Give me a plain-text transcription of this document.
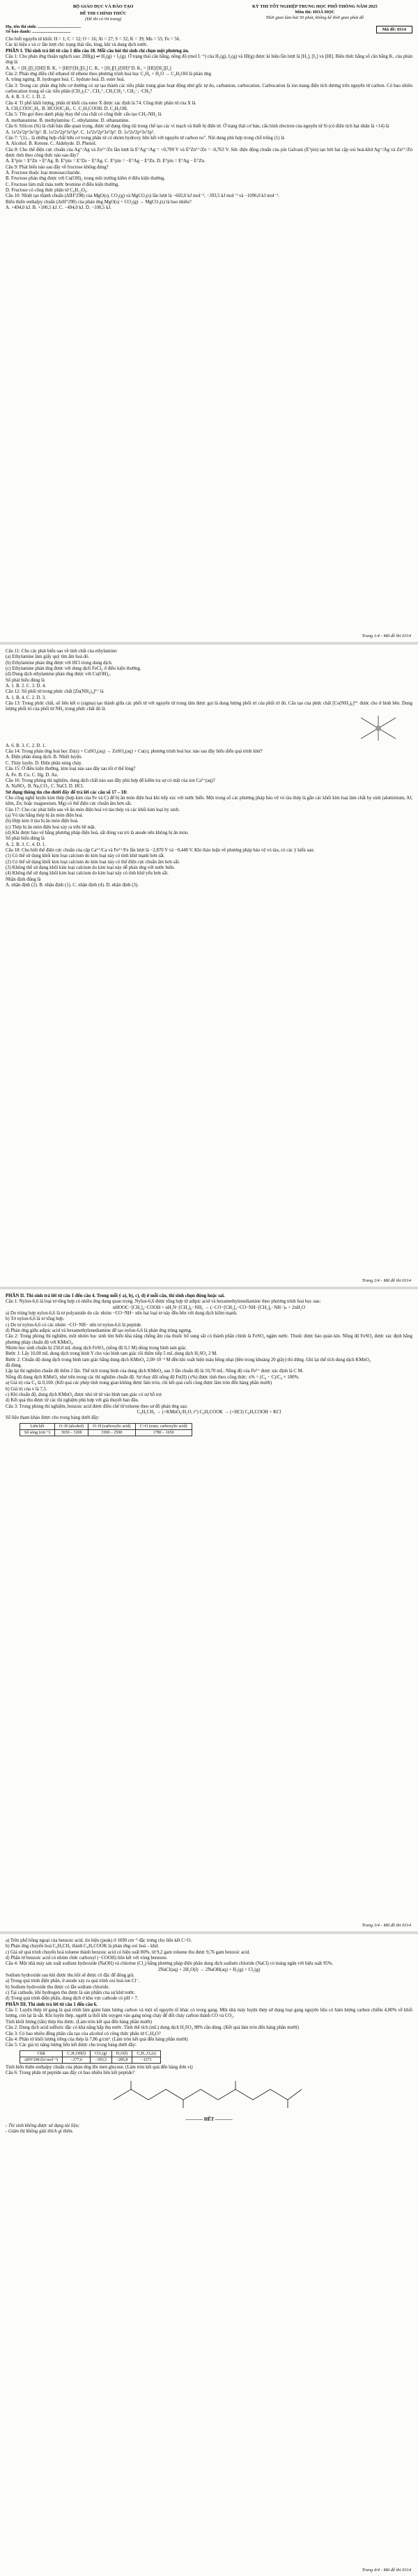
BỘ GIÁO DỤC VÀ ĐÀO TẠO
ĐỀ THI CHÍNH THỨC
(Đề thi có 04 trang)
KỲ THI TỐT NGHIỆP TRUNG HỌC PHỔ THÔNG NĂM 2025
Môn thi: HOÁ HỌC
Thời gian làm bài 50 phút, không kể thời gian phát đề
Họ, tên thí sinh: ......................................
Số báo danh: ..................................	Mã đề: 0314

Cho biết nguyên tử khối: H = 1; C = 12; O = 16; Al = 27; S = 32; K = 39; Mn = 55; Fe = 56.

Các kí hiệu s và cr lần lượt chỉ: trạng thái rắn, lỏng, khí và dung dịch nước.

PHẦN I. Thí sinh trả lời từ câu 1 đến câu 18. Mỗi câu hỏi thí sinh chỉ chọn một phương án.

Câu 1: Cho phản ứng thuận nghịch sau: 2HI(g) ⇌ H₂(g) + I₂(g). Ở trạng thái cân bằng, nồng độ (mol L⁻¹) của H₂(g), I₂(g) và HI(g) được kí hiệu lần lượt là [H₂], [I₂] và [HI]. Biểu thức hằng số cân bằng K꜀ của phản ứng là

A. K꜀ = [H₂][I₂]/[HI] B. K꜀ = [HI]²/[H₂][I₂] C. K꜀ = [H₂][I₂]/[HI]² D. K꜀ = [HI]/[H₂][I₂]

Câu 2: Phản ứng điều chế ethanol từ ethene theo phương trình hoá học C₂H₄ + H₂O → C₂H₅OH là phản ứng

A. trùng ngưng. B. hydrogen hoá. C. hydrate hoá. D. ester hoá.

Câu 3: Trong các phản ứng hữu cơ thường có sự tạo thành các tiểu phân trung gian hoạt động như gốc tự do, carbanion, carbocation. Carbocation là ion mang điện tích dương trên nguyên tử carbon. Có bao nhiêu carbocation trong số các tiểu phân (CH₃)₃C⁺, CH₃⁺, CH₃CH₂⁺, CH₃⁻, ·CH₃?

A. 4. B. 3. C. 1. D. 2.

Câu 4: Tỉ phổ khối lượng, phân tử khối của ester X được xác định là 74. Công thức phân tử của X là

A. CH₃COOC₂H₅. B. HCOOC₂H₅. C. C₂H₅COOH. D. C₂H₅OH.

Câu 5: Tên gọi theo danh pháp thay thế của chất có công thức cấu tạo CH₃-NH₂ là

A. methanamine. B. methylamine. C. ethylamine. D. ethanamine.

Câu 6: Silicon (Si) là chất bán dẫn quan trọng, được sử dụng rộng rãi trong chế tạo các vi mạch và thiết bị điện tử. Ở trạng thái cơ bản, cấu hình electron của nguyên tử Si (có điện tích hạt nhân là +14) là

A. 1s²2s²2p⁶3s²3p². B. 1s²2s²2p⁶3s²3p⁴. C. 1s²2s²2p⁶3s²3p³. D. 1s²2s²2p⁶3s¹3p³.

Câu 7: "(1)... là những hợp chất hữu cơ trong phân tử có nhóm hydroxy liên kết với nguyên tử carbon no". Nội dung phù hợp trong chỗ trống (1) là

A. Alcohol. B. Ketone. C. Aldehyde. D. Phenol.

Câu 8: Cho thế điện cực chuẩn của Ag⁺/Ag và Zn²⁺/Zn lần lượt là E°Ag⁺/Ag = +0,799 V và E°Zn²⁺/Zn = -0,763 V. Sức điện động chuẩn của pin Galvani (E°pin) tạo bởi hai cặp oxi hoá-khử Ag⁺/Ag và Zn²⁺/Zn được tính theo công thức nào sau đây?

A. E°pin = E°Zn + E°Ag. B. E°pin = E°Zn − E°Ag. C. E°pin = −E°Ag − E°Zn. D. E°pin = E°Ag − E°Zn.

Câu 9: Phát biểu nào sau đây về fructose không đúng?

A. Fructose thuộc loại monosaccharide.

B. Fructose phản ứng được với Cu(OH)₂ trong môi trường kiềm ở điều kiện thường.

C. Fructose làm mất màu nước bromine ở điều kiện thường.

D. Fructose có công thức phân tử C₆H₁₂O₆.

Câu 10: Nhiệt tạo thành chuẩn (ΔfH°298) của MgO(s), CO₂(g) và MgCO₃(s) lần lượt là −602,0 kJ mol⁻¹, −393,5 kJ mol⁻¹ và −1096,0 kJ mol⁻¹.

Biến thiên enthalpy chuẩn (ΔrH°298) của phản ứng MgO(s) + CO₂(g) → MgCO₃(s) là bao nhiêu?

A. +494,0 kJ. B. +100,5 kJ. C. −494,0 kJ. D. −100,5 kJ.

Trang 1/4 - Mã đề thi 0314

Câu 11: Cho các phát biểu sau về tính chất của ethylamine:

(a) Ethylamine làm giấy quỳ tím ẩm hoá đỏ.

(b) Ethylamine phản ứng được với HCl trong dung dịch.

(c) Ethylamine phản ứng được với dung dịch FeCl₃ ở điều kiện thường.

(d) Dung dịch ethylamine phản ứng được với Cu(OH)₂.

Số phát biểu đúng là

A. 1. B. 2. C. 3. D. 4.

Câu 12: Số phối tử trong phức chất [Zn(NH₃)₄]²⁺ là

A. 1. B. 4. C. 2. D. 3.

Câu 13: Trong phức chất, số liên kết σ (sigma) tạo thành giữa các phối tử với nguyên tử trung tâm được gọi là dung lượng phối trí của phối tử đó. Cấu tạo của phức chất [Co(NH₃)₆]³⁺ được cho ở hình bên. Dung lượng phối trí của phối tử NH₃ trong phức chất đó là

A. 6. B. 3. C. 2. D. 1.

Câu 14: Trong phản ứng hoá học Zn(s) + CuSO₄(aq) → ZnSO₄(aq) + Cu(s), phương trình hoá học nào sau đây biểu diễn quá trình khử?

A. Điện phân dung dịch. B. Nhiệt luyện.

C. Thủy luyện. D. Điện phân nóng chảy.

Câu 15: Ở điều kiện thường, kim loại nào sau đây tan tốt ở thể lỏng?

A. Fe. B. Cu. C. Hg. D. Au.

Câu 16: Trong phòng thí nghiệm, dung dịch chất nào sau đây phù hợp để kiểm tra sự có mặt của ion Ca²⁺(aq)?

A. NaNO₃. B. Na₂CO₃. C. NaCl. D. HCl.

Sử dụng thông tin cho dưới đây để trả lời các câu số 17 – 18:

Cho công nghệ luyện kim thép (hợp kim của Fe và C) để bị ăn mòn điện hoá khi tiếp xúc với nước biển. Một trong số các phương pháp bảo vệ vỏ tàu thép là gắn các khối kim loại làm chất hy sinh (aluminium, Al; kẽm, Zn; hoặc magnesium, Mg) có thế điện cực chuẩn âm hơn sắt.

Câu 17: Cho các phát biểu sau về ăn mòn điện hoá vỏ tàu thép và các khối kim loại hy sinh:

(a) Vỏ tàu bằng thép bị ăn mòn điện hoá.

(b) Hợp kim ở tàu bị ăn mòn điện hoá.

(c) Thép bị ăn mòn điện hoá xảy ra trên bề mặt.

(d) Khi được bảo vệ bằng phương pháp điện hoá, sắt đóng vai trò là anode nên không bị ăn mòn.

Số phát biểu đúng là

A. 2. B. 3. C. 4. D. 1.

Câu 18: Cho biết thế điện cực chuẩn của cặp Ca²⁺/Ca và Fe²⁺/Fe lần lượt là −2,870 V và −0,440 V. Khi thảo luận về phương pháp bảo vệ vỏ tàu, có các ý kiến sau:

(1) Có thể sử dụng khối kim loại calcium do kim loại này có tính khử mạnh hơn sắt.

(2) Có thể sử dụng khối kim loại calcium do kim loại này có thế điện cực chuẩn âm hơn sắt.

(3) Không thể sử dụng khối kim loại calcium do kim loại này dễ phản ứng với nước biển.

(4) Không thể sử dụng khối kim loại calcium do kim loại này có tính khử yếu hơn sắt.

Nhận định đúng là

A. nhận định (2). B. nhận định (1). C. nhận định (4). D. nhận định (3).

Trang 2/4 - Mã đề thi 0314

PHẦN II. Thí sinh trả lời từ câu 1 đến câu 4. Trong mỗi ý a), b), c), d) ở mỗi câu, thí sinh chọn đúng hoặc sai.

Câu 1: Nylon-6,6 là loại tơ tổng hợp có nhiều ứng dụng quan trọng. Nylon-6,6 được tổng hợp từ adipic acid và hexamethylenediamine theo phương trình hoá học sau:

nHOOC−[CH₂]₄−COOH + nH₂N−[CH₂]₆−NH₂ → (−CO−[CH₂]₄−CO−NH−[CH₂]₆−NH−)ₙ + 2nH₂O

a) Do trùng hợp nylon-6,6 là tơ polyamide do các nhóm −CO−NH− nên hai loại tơ này đều bền với dung dịch kiềm mạnh.

b) Tơ nylon-6,6 là tơ tổng hợp.

c) Do tơ nylon-6,6 có các nhóm −CO−NH− nên tơ nylon-6,6 là peptide.

d) Phản ứng giữa adipic acid và hexamethylenediamine để tạo nylon-6,6 là phản ứng trùng ngưng.

Câu 2: Trong phòng thí nghiệm, một nhóm học sinh tìm hiểu khả năng chống ẩm của thuốc bổ sung sắt có thành phần chính là FeSO₄ ngậm nước. Thuốc được bảo quản kín. Nồng độ FeSO₄ được xác định bằng phương pháp chuẩn độ với KMnO₄.

Nhóm học sinh chuẩn bị 250,0 mL dung dịch FeSO₄ (nồng độ 0,1 M) dùng trong bình tam giác.

Bước 1: Lấy 10,00 mL dung dịch trong bình Y cho vào bình tam giác rồi thêm tiếp 5 mL dung dịch H₂SO₄ 2 M.

Bước 2: Chuẩn độ dung dịch trong bình tam giác bằng dung dịch KMnO₄ 2,00·10⁻² M đến khi xuất hiện màu hồng nhạt (bền trong khoảng 20 giây) thì dừng. Ghi lại thể tích dung dịch KMnO₄ đã dùng.

Lặp lại thí nghiệm chuẩn độ thêm 2 lần. Thể tích trung bình của dung dịch KMnO₄ sau 3 lần chuẩn độ là 10,70 mL. Nồng độ của Fe²⁺ được xác định là C M.

Nồng độ dung dịch KMnO₄ như trên trong các thí nghiệm chuẩn độ. Sự thay đổi nồng độ Fe(II) (x%) được tính theo công thức: x% = (C₀ − C)/C₀ × 100%.

a) Giá trị của C₀ là 0,100. (Kết quả các phép tính trung gian không được làm tròn, chỉ kết quả cuối cùng được làm tròn đến hàng phần mười)

b) Giá trị của x là 7,5.

c) Khi chuẩn độ, dung dịch KMnO₄ được nhỏ từ từ vào bình tam giác có sự hỗ trợ.

d) Kết quả thu được từ các thí nghiệm phù hợp với giả thuyết ban đầu.

Câu 3: Trong phòng thí nghiệm, benzoic acid được điều chế từ toluene theo sơ đồ phản ứng sau:

C₆H₅CH₃ → (+KMnO₄/H₂O, t°) C₆H₅COOK → (+HCl) C₆H₅COOH + KCl

Số liệu tham khảo được cho trong bảng dưới đây:

Liên kết	O−H (alcohol)	O−H (carboxylic acid)	C=O (ester, carboxylic acid)
Số sóng (cm⁻¹)	3650 – 3200	3300 – 2500	1780 – 1650
Trang 3/4 - Mã đề thi 0314

a) Trên phổ hồng ngoại của benzoic acid, tín hiệu (peak) ở 1690 cm⁻¹ đặc trưng cho liên kết C=O.

b) Phản ứng chuyển hoá C₆H₅CH₃ thành C₆H₅COOK là phản ứng oxi hoá – khử.

c) Giả sử quá trình chuyển hoá toluene thành benzoic acid có hiệu suất 80%, từ 9,2 gam toluene thu được 9,76 gam benzoic acid.

d) Phân tử benzoic acid có nhóm chức carboxyl (−COOH) liên kết với vòng benzene.

Câu 4: Một nhà máy sản xuất sodium hydroxide (NaOH) và chlorine (Cl₂) bằng phương pháp điện phân dung dịch sodium chloride (NaCl) có màng ngăn với hiệu suất 95%.

2NaCl(aq) + 2H₂O(l) → 2NaOH(aq) + H₂(g) + Cl₂(g)

Sodium hydroxide sau khi được thu hồi sẽ được cô đặc để đóng gói.

a) Trong quá trình điện phân, ở anode xảy ra quá trình oxi hoá ion Cl⁻.

b) Sodium hydroxide thu được có lẫn sodium chloride.

c) Tại cathode, khí hydrogen thu được là sản phẩm của sự khử nước.

d) Trong quá trình điện phân, dung dịch ở khu vực cathode có pH > 7.

PHẦN III. Thí sinh trả lời từ câu 1 đến câu 6.

Câu 1: Luyện thép từ gang là quá trình làm giảm hàm lượng carbon và một số nguyên tố khác có trong gang. Một nhà máy luyện thép sử dụng loại gang nguyên liệu có hàm lượng carbon chiếm 4,00% về khối lượng, còn lại là sắt. Khi luyện thép, người ta thổi khí oxygen vào gang nóng chảy để đốt cháy carbon thành CO và CO₂.

Tính khối lượng (tấn) thép thu được. (Làm tròn kết quả đến hàng phần mười)

Câu 2: Dung dịch acid sulfuric đặc có khả năng hấp thụ nước. Tính thể tích (mL) dung dịch H₂SO₄ 98% cần dùng. (Kết quả làm tròn đến hàng phần mười)

Câu 3: Có bao nhiêu đồng phân cấu tạo của alcohol có công thức phân tử C₃H₈O?

Câu 4: Phân tử khối lượng riêng của thép là 7,86 g/cm³. (Làm tròn kết quả đến hàng phần mười)

Câu 5: Các giá trị năng lượng liên kết được cho trong bảng dưới đây:

Chất	C₂H₅OH(l)	CO₂(g)	H₂O(l)	C₆H₁₂O₆(s)
ΔfH°298 (kJ mol⁻¹)	−277,6	−393,5	−285,8	−1271

Tính biến thiên enthalpy chuẩn của phản ứng lên men glucose. (Làm tròn kết quả đến hàng đơn vị)

Câu 6: Trong phân tử peptide sau đây có bao nhiêu liên kết peptide?

----------- HẾT -----------

- Thí sinh không được sử dụng tài liệu;

- Giám thị không giải thích gì thêm.

Trang 4/4 - Mã đề thi 0314
